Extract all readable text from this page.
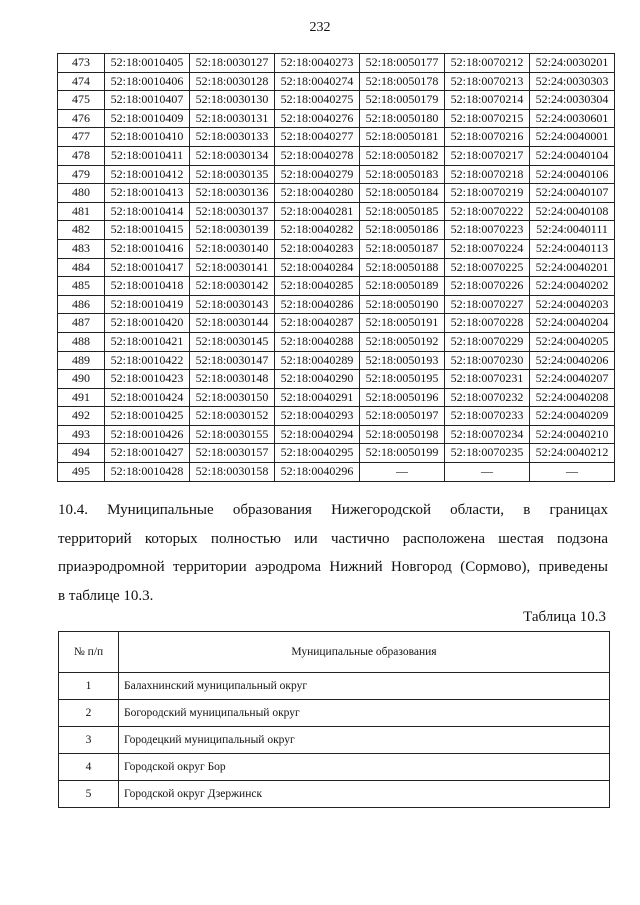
232
473	52:18:0010405	52:18:0030127	52:18:0040273	52:18:0050177	52:18:0070212	52:24:0030201
474	52:18:0010406	52:18:0030128	52:18:0040274	52:18:0050178	52:18:0070213	52:24:0030303
475	52:18:0010407	52:18:0030130	52:18:0040275	52:18:0050179	52:18:0070214	52:24:0030304
476	52:18:0010409	52:18:0030131	52:18:0040276	52:18:0050180	52:18:0070215	52:24:0030601
477	52:18:0010410	52:18:0030133	52:18:0040277	52:18:0050181	52:18:0070216	52:24:0040001
478	52:18:0010411	52:18:0030134	52:18:0040278	52:18:0050182	52:18:0070217	52:24:0040104
479	52:18:0010412	52:18:0030135	52:18:0040279	52:18:0050183	52:18:0070218	52:24:0040106
480	52:18:0010413	52:18:0030136	52:18:0040280	52:18:0050184	52:18:0070219	52:24:0040107
481	52:18:0010414	52:18:0030137	52:18:0040281	52:18:0050185	52:18:0070222	52:24:0040108
482	52:18:0010415	52:18:0030139	52:18:0040282	52:18:0050186	52:18:0070223	52:24:0040111
483	52:18:0010416	52:18:0030140	52:18:0040283	52:18:0050187	52:18:0070224	52:24:0040113
484	52:18:0010417	52:18:0030141	52:18:0040284	52:18:0050188	52:18:0070225	52:24:0040201
485	52:18:0010418	52:18:0030142	52:18:0040285	52:18:0050189	52:18:0070226	52:24:0040202
486	52:18:0010419	52:18:0030143	52:18:0040286	52:18:0050190	52:18:0070227	52:24:0040203
487	52:18:0010420	52:18:0030144	52:18:0040287	52:18:0050191	52:18:0070228	52:24:0040204
488	52:18:0010421	52:18:0030145	52:18:0040288	52:18:0050192	52:18:0070229	52:24:0040205
489	52:18:0010422	52:18:0030147	52:18:0040289	52:18:0050193	52:18:0070230	52:24:0040206
490	52:18:0010423	52:18:0030148	52:18:0040290	52:18:0050195	52:18:0070231	52:24:0040207
491	52:18:0010424	52:18:0030150	52:18:0040291	52:18:0050196	52:18:0070232	52:24:0040208
492	52:18:0010425	52:18:0030152	52:18:0040293	52:18:0050197	52:18:0070233	52:24:0040209
493	52:18:0010426	52:18:0030155	52:18:0040294	52:18:0050198	52:18:0070234	52:24:0040210
494	52:18:0010427	52:18:0030157	52:18:0040295	52:18:0050199	52:18:0070235	52:24:0040212
495	52:18:0010428	52:18:0030158	52:18:0040296	—	—	—

10.4. Муниципальные образования Нижегородской области, в границах
территорий которых полностью или частично расположена шестая подзона
приаэродромной территории аэродрома Нижний Новгород (Сормово), приведены
в таблице 10.3.

Таблица 10.3
№ п/п	Муниципальные образования
1	Балахнинский муниципальный округ
2	Богородский муниципальный округ
3	Городецкий муниципальный округ
4	Городской округ Бор
5	Городской округ Дзержинск
